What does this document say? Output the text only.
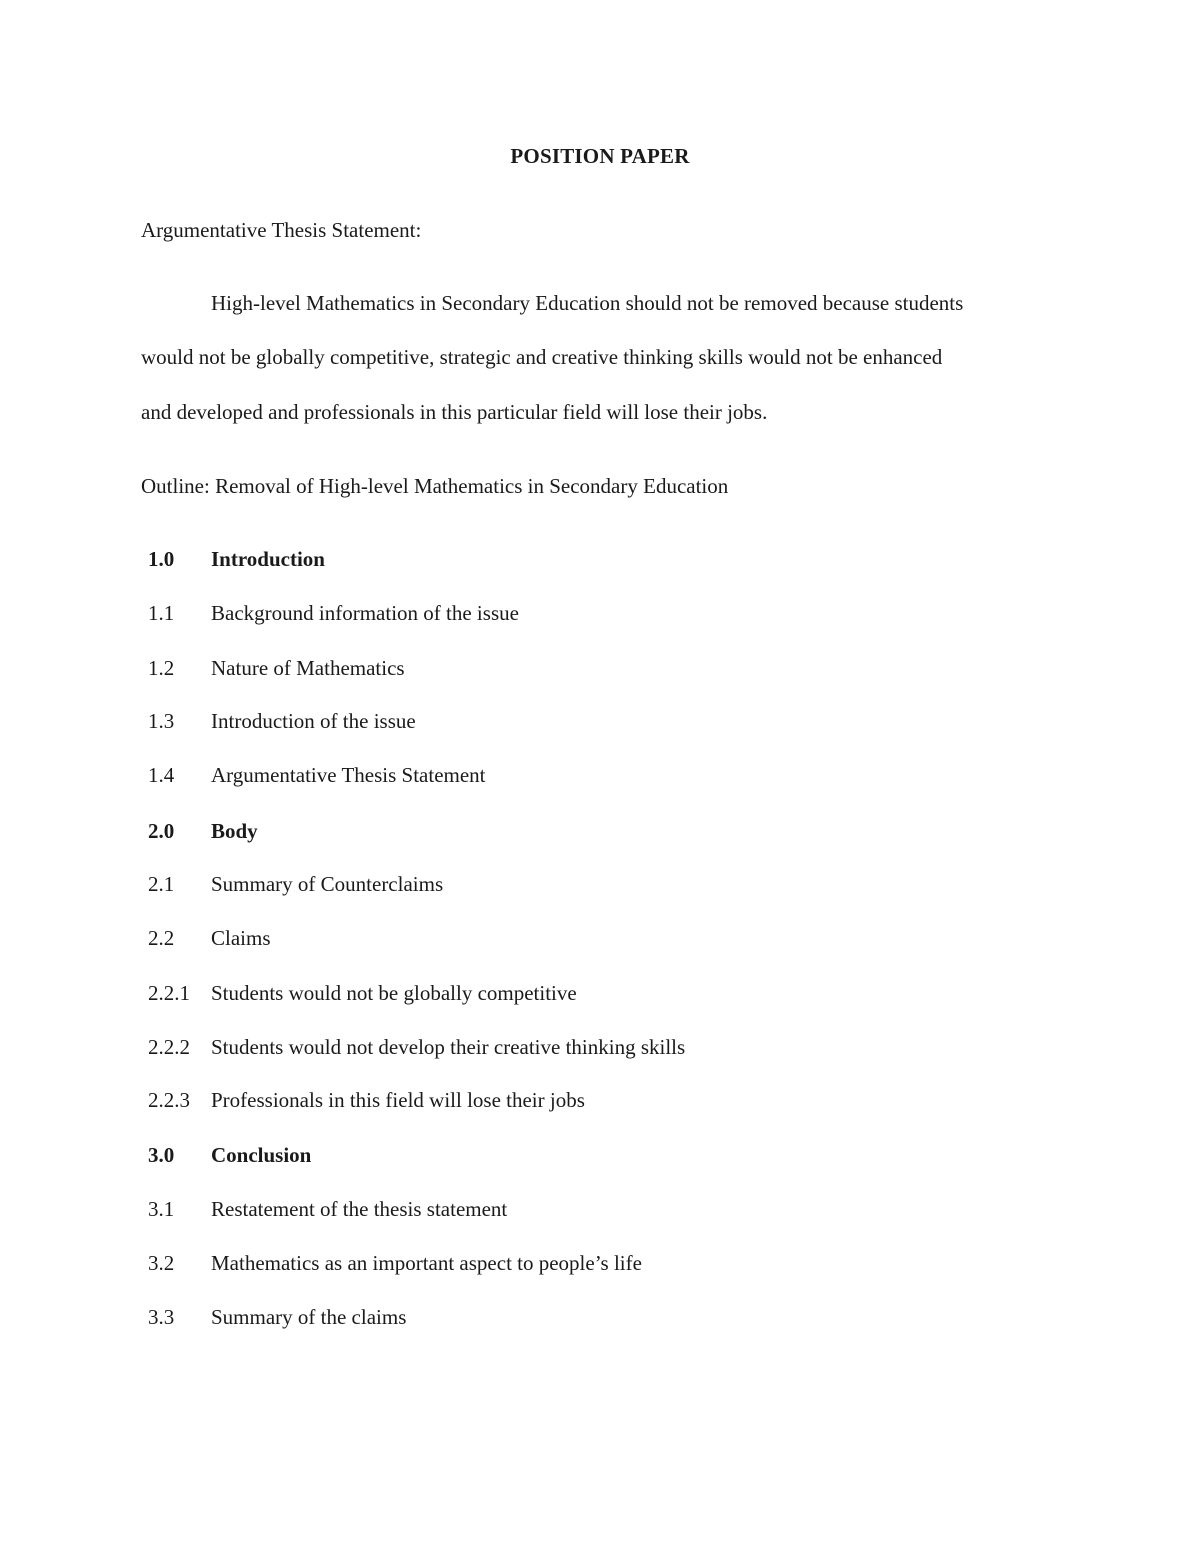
POSITION PAPER
Argumentative Thesis Statement:
High-level Mathematics in Secondary Education should not be removed because students
would not be globally competitive, strategic and creative thinking skills would not be enhanced
and developed and professionals in this particular field will lose their jobs.
Outline: Removal of High-level Mathematics in Secondary Education
1.0 Introduction
1.1 Background information of the issue
1.2 Nature of Mathematics
1.3 Introduction of the issue
1.4 Argumentative Thesis Statement
2.0 Body
2.1 Summary of Counterclaims
2.2 Claims
2.2.1 Students would not be globally competitive
2.2.2 Students would not develop their creative thinking skills
2.2.3 Professionals in this field will lose their jobs
3.0 Conclusion
3.1 Restatement of the thesis statement
3.2 Mathematics as an important aspect to people’s life
3.3 Summary of the claims
